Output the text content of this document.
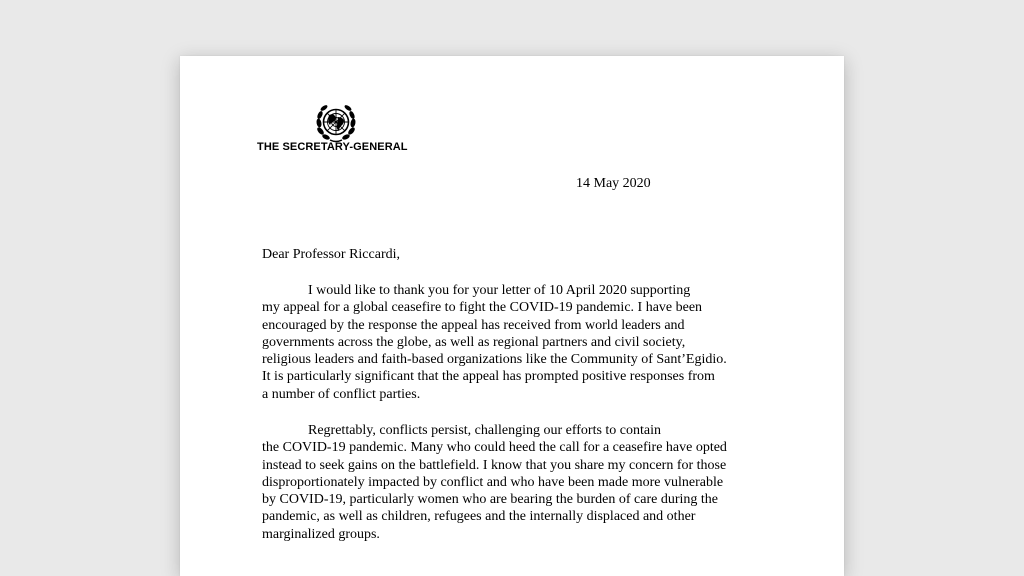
THE SECRETARY-GENERAL
14 May 2020
Dear Professor Riccardi,
I would like to thank you for your letter of 10 April 2020 supporting
my appeal for a global ceasefire to fight the COVID-19 pandemic. I have been
encouraged by the response the appeal has received from world leaders and
governments across the globe, as well as regional partners and civil society,
religious leaders and faith-based organizations like the Community of Sant’Egidio.
It is particularly significant that the appeal has prompted positive responses from
a number of conflict parties.
Regrettably, conflicts persist, challenging our efforts to contain
the COVID-19 pandemic. Many who could heed the call for a ceasefire have opted
instead to seek gains on the battlefield. I know that you share my concern for those
disproportionately impacted by conflict and who have been made more vulnerable
by COVID-19, particularly women who are bearing the burden of care during the
pandemic, as well as children, refugees and the internally displaced and other
marginalized groups.
